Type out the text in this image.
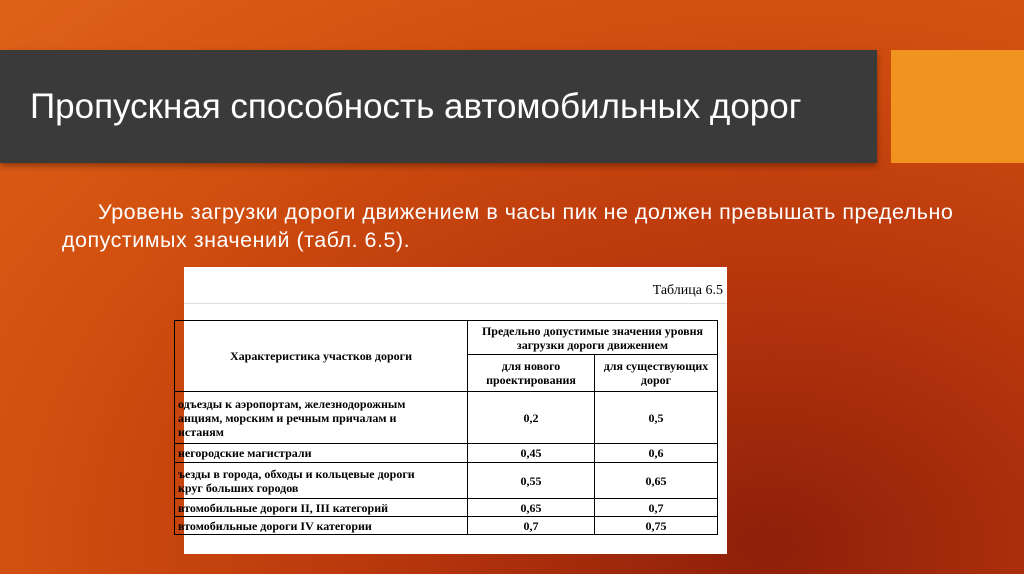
Пропускная способность автомобильных дорог
Уровень загрузки дороги движением в часы пик не должен превышать предельно допустимых значений (табл. 6.5).
Таблица 6.5
Характеристика участков дороги	Предельно допустимые значения уровня загрузки дороги движением	
	для нового проектирования	для существующих дорог
одъезды к аэропортам, железнодорожным
анциям, морским и речным причалам и
истаням	0,2	0,5
негородские магистрали	0,45	0,6
ъезды в города, обходы и кольцевые дороги
круг больших городов	0,55	0,65
втомобильные дороги II, III категорий	0,65	0,7
втомобильные дороги IV категории	0,7	0,75
